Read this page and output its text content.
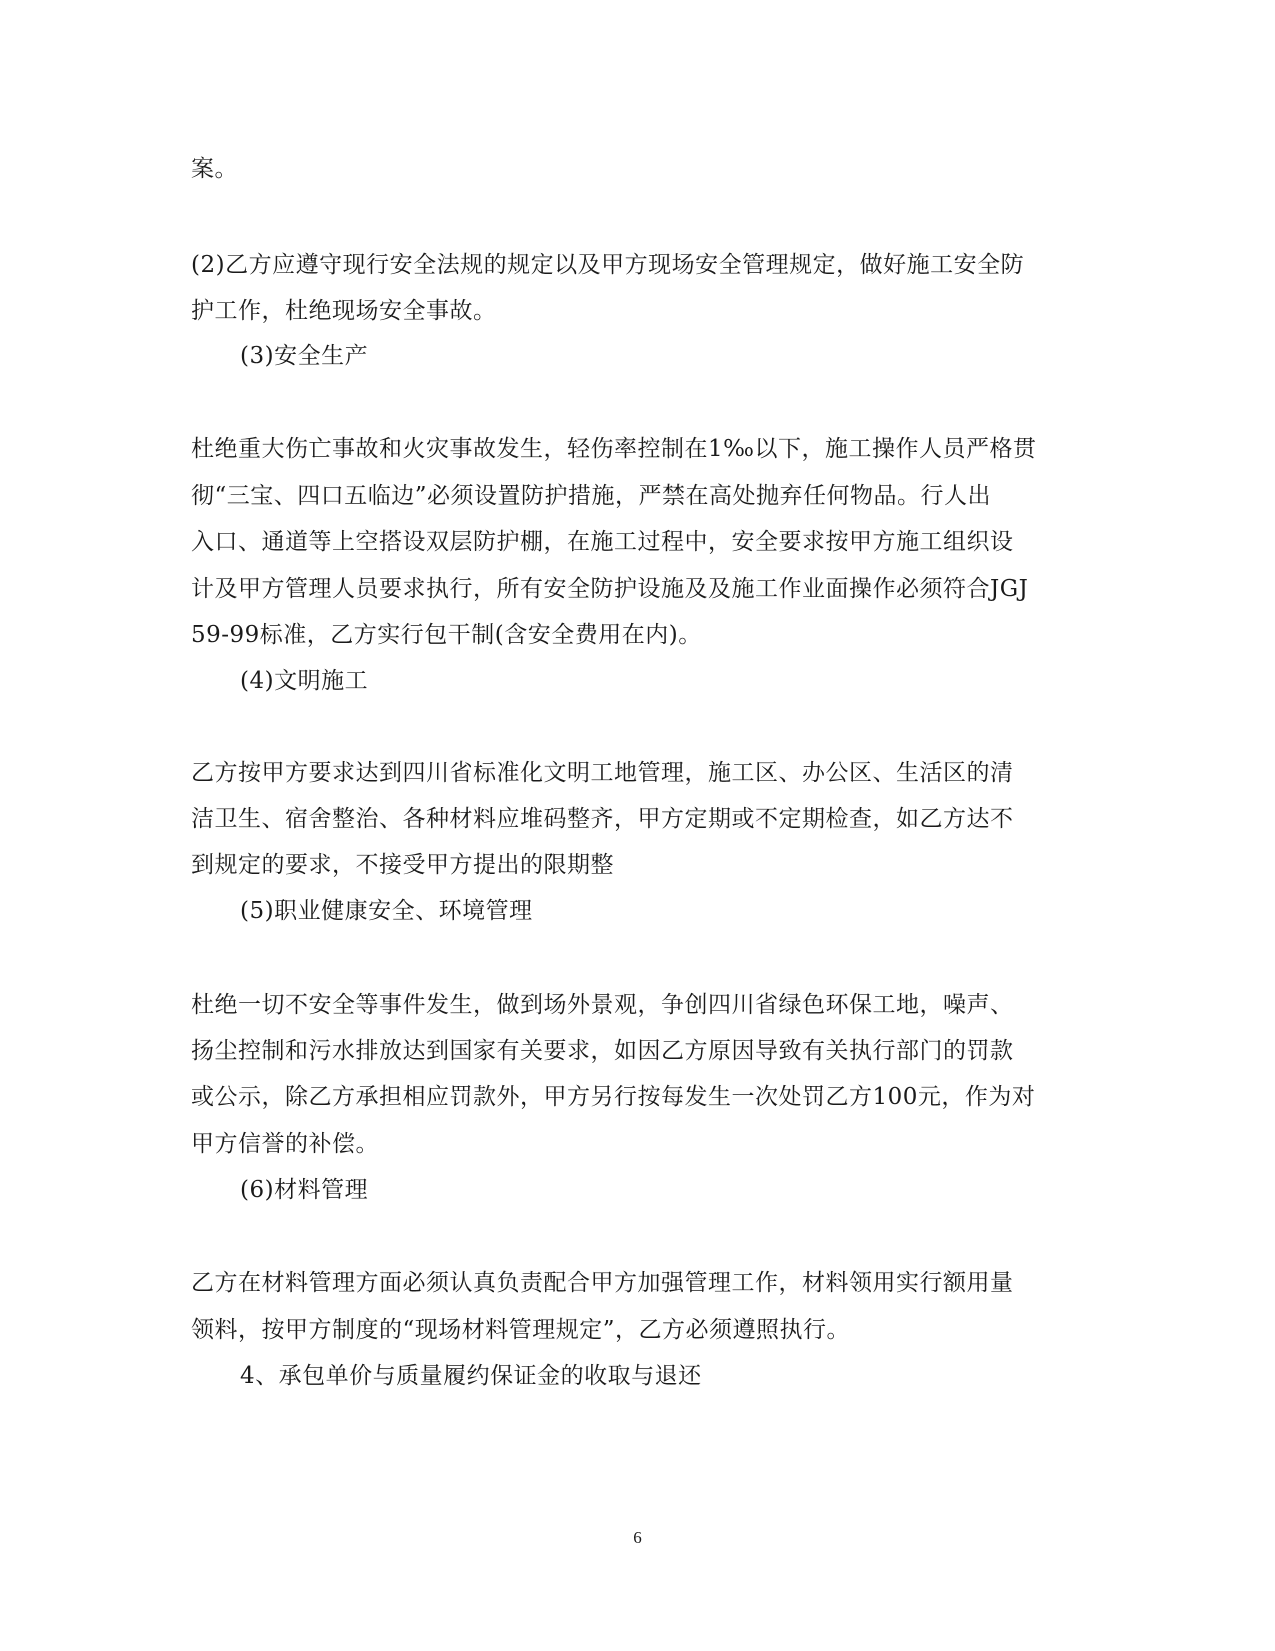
案。
(2)乙方应遵守现行安全法规的规定以及甲方现场安全管理规定，做好施工安全防
护工作，杜绝现场安全事故。
(3)安全生产
杜绝重大伤亡事故和火灾事故发生，轻伤率控制在1‰以下，施工操作人员严格贯
彻“三宝、四口五临边”必须设置防护措施，严禁在高处抛弃任何物品。行人出
入口、通道等上空搭设双层防护棚，在施工过程中，安全要求按甲方施工组织设
计及甲方管理人员要求执行，所有安全防护设施及及施工作业面操作必须符合JGJ
59-99标准，乙方实行包干制(含安全费用在内)。
(4)文明施工
乙方按甲方要求达到四川省标准化文明工地管理，施工区、办公区、生活区的清
洁卫生、宿舍整治、各种材料应堆码整齐，甲方定期或不定期检查，如乙方达不
到规定的要求，不接受甲方提出的限期整
(5)职业健康安全、环境管理
杜绝一切不安全等事件发生，做到场外景观，争创四川省绿色环保工地，噪声、
扬尘控制和污水排放达到国家有关要求，如因乙方原因导致有关执行部门的罚款
或公示，除乙方承担相应罚款外，甲方另行按每发生一次处罚乙方100元，作为对
甲方信誉的补偿。
(6)材料管理
乙方在材料管理方面必须认真负责配合甲方加强管理工作，材料领用实行额用量
领料，按甲方制度的“现场材料管理规定”，乙方必须遵照执行。
4、承包单价与质量履约保证金的收取与退还
6
